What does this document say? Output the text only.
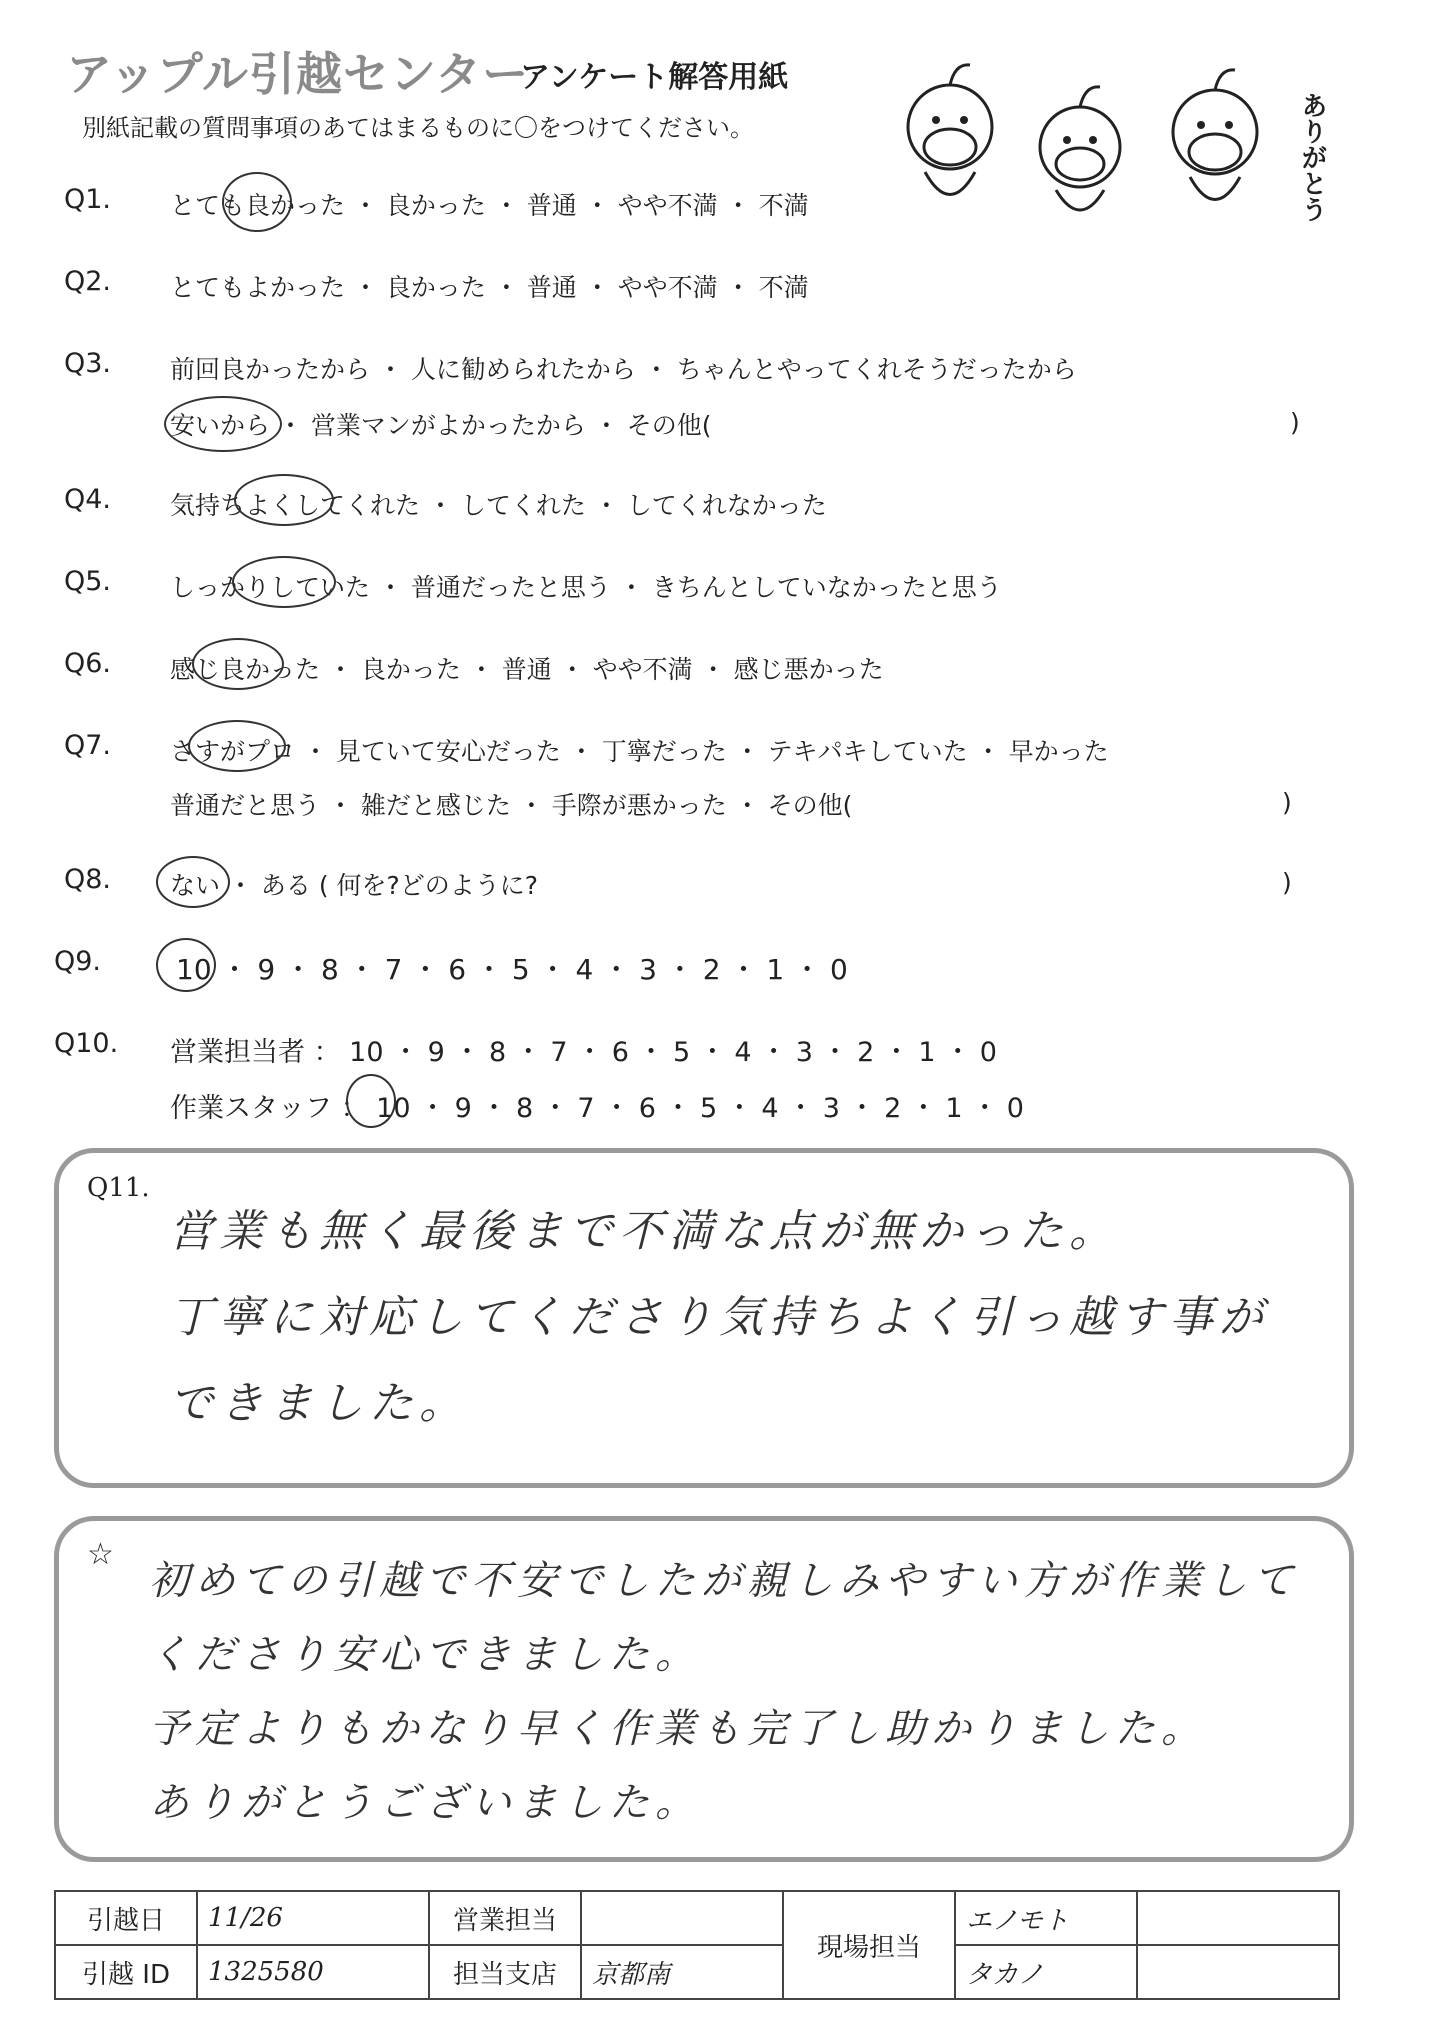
アップル引越センター
アンケート解答用紙
別紙記載の質問事項のあてはまるものに〇をつけてください。	ありがとう
Q1. とても良かった ・ 良かった ・ 普通 ・ やや不満 ・ 不満
Q2. とてもよかった ・ 良かった ・ 普通 ・ やや不満 ・ 不満
Q3. 前回良かったから ・ 人に勧められたから ・ ちゃんとやってくれそうだったから
安いから ・ 営業マンがよかったから ・ その他(	)
Q4. 気持ちよくしてくれた ・ してくれた ・ してくれなかった
Q5. しっかりしていた ・ 普通だったと思う ・ きちんとしていなかったと思う
Q6. 感じ良かった ・ 良かった ・ 普通 ・ やや不満 ・ 感じ悪かった
Q7. さすがプロ ・ 見ていて安心だった ・ 丁寧だった ・ テキパキしていた ・ 早かった
普通だと思う ・ 雑だと感じた ・ 手際が悪かった ・ その他(	)
Q8. ない ・ ある ( 何を?どのように?	)
Q9.	10 ・ 9 ・ 8 ・ 7 ・ 6 ・ 5 ・ 4 ・ 3 ・ 2 ・ 1 ・ 0
Q10. 営業担当者 ： 10 ・ 9 ・ 8 ・ 7 ・ 6 ・ 5 ・ 4 ・ 3 ・ 2 ・ 1 ・ 0
作業スタッフ ： 10 ・ 9 ・ 8 ・ 7 ・ 6 ・ 5 ・ 4 ・ 3 ・ 2 ・ 1 ・ 0
Q11.
営業も無く最後まで不満な点が無かった。
丁寧に対応してくださり気持ちよく引っ越す事が
できました。
☆
初めての引越で不安でしたが親しみやすい方が作業して
くださり安心できました。
予定よりもかなり早く作業も完了し助かりました。
ありがとうございました。
引越日	11/26	営業担当		現場担当	エノモト	
引越 ID	1325580	担当支店	京都南		タカノ	
